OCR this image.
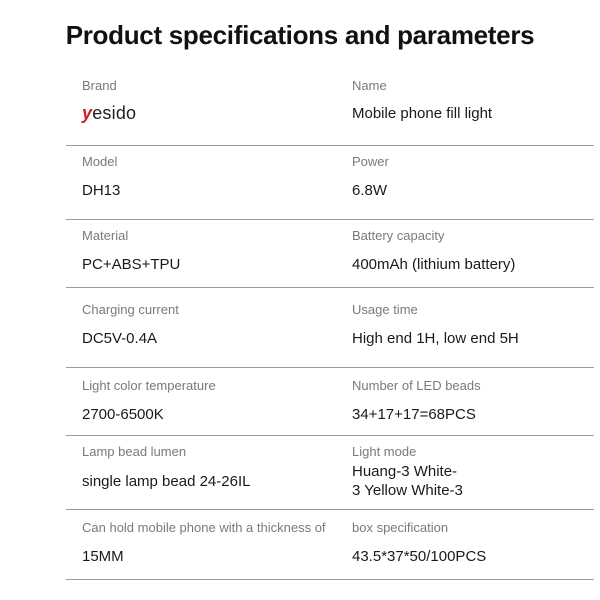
Product specifications and parameters
Brand
yesido
Name
Mobile phone fill light
Model
DH13
Power
6.8W
Material
PC+ABS+TPU
Battery capacity
400mAh (lithium battery)
Charging current
DC5V-0.4A
Usage time
High end 1H, low end 5H
Light color temperature
2700-6500K
Number of LED beads
34+17+17=68PCS
Lamp bead lumen
single lamp bead 24-26IL
Light mode
Huang-3 White-
3 Yellow White-3
Can hold mobile phone with a thickness of
15MM
box specification
43.5*37*50/100PCS
